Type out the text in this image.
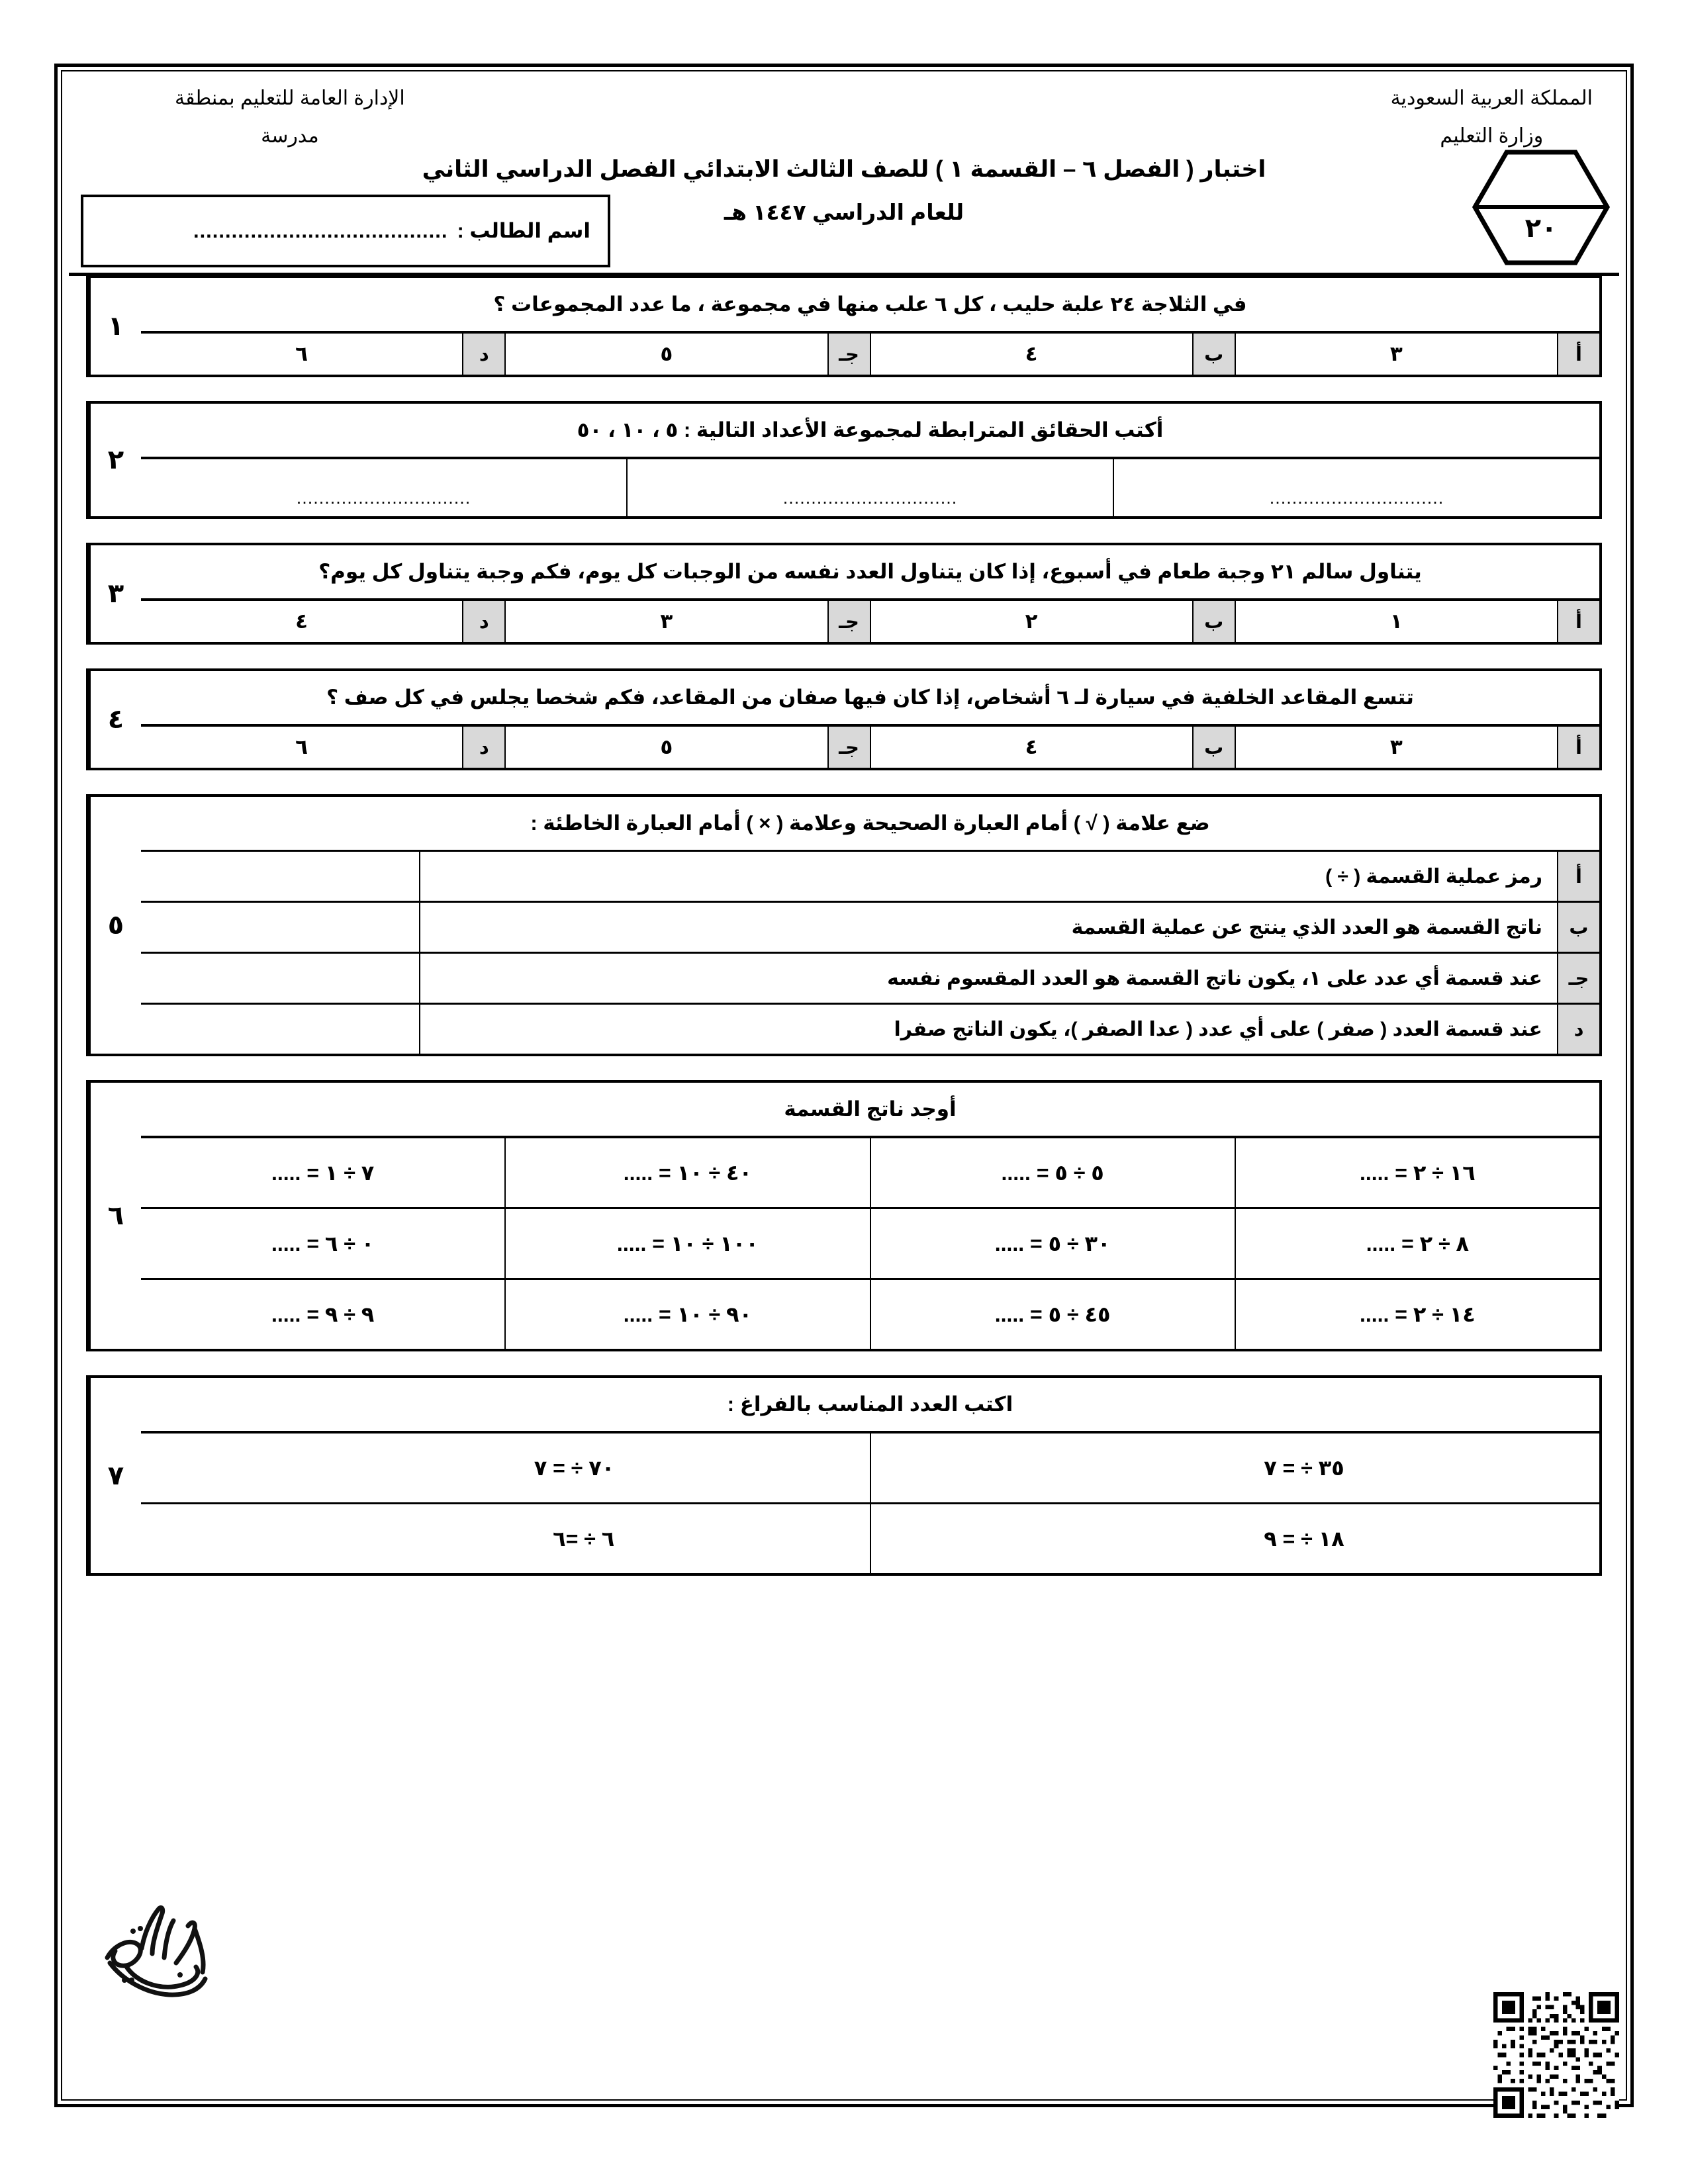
المملكة العربية السعودية
وزارة التعليم
الإدارة العامة للتعليم بمنطقة
مدرسة
اختبار ( الفصل ٦ – القسمة ١ ) للصف الثالث الابتدائي الفصل الدراسي الثاني
للعام الدراسي ١٤٤٧ هـ
٢٠
اسم الطالب :
........................................
في الثلاجة ٢٤ علبة حليب ، كل ٦ علب منها في مجموعة ، ما عدد المجموعات ؟
أ
٣
ب
٤
جـ
٥
د
٦
١
أكتب الحقائق المترابطة لمجموعة الأعداد التالية : ٥ ، ١٠ ، ٥٠
...............................
...............................
...............................
٢
يتناول سالم ٢١ وجبة طعام في أسبوع، إذا كان يتناول العدد نفسه من الوجبات كل يوم، فكم وجبة يتناول كل يوم؟
أ
١
ب
٢
جـ
٣
د
٤
٣
تتسع المقاعد الخلفية في سيارة لـ ٦ أشخاص، إذا كان فيها صفان من المقاعد، فكم شخصا يجلس في كل صف ؟
أ
٣
ب
٤
جـ
٥
د
٦
٤
ضع علامة ( √ ) أمام العبارة الصحيحة وعلامة ( × ) أمام العبارة الخاطئة :
أ
رمز عملية القسمة ( ÷ )
ب
ناتج القسمة هو العدد الذي ينتج عن عملية القسمة
جـ
عند قسمة أي عدد على ١، يكون ناتج القسمة هو العدد المقسوم نفسه
د
عند قسمة العدد ( صفر ) على أي عدد ( عدا الصفر )، يكون الناتج صفرا
٥
أوجد ناتج القسمة
١٦ ÷ ٢ = .....
٥ ÷ ٥ = .....
٤٠ ÷ ١٠ = .....
٧ ÷ ١ = .....
٨ ÷ ٢ = .....
٣٠ ÷ ٥ = .....
١٠٠ ÷ ١٠ = .....
٠ ÷ ٦ = .....
١٤ ÷ ٢ = .....
٤٥ ÷ ٥ = .....
٩٠ ÷ ١٠ = .....
٩ ÷ ٩ = .....
٦
اكتب العدد المناسب بالفراغ :
٣٥ ÷ = ٧
٧٠ ÷ = ٧
١٨ ÷ = ٩
٦ ÷ =٦
٧
